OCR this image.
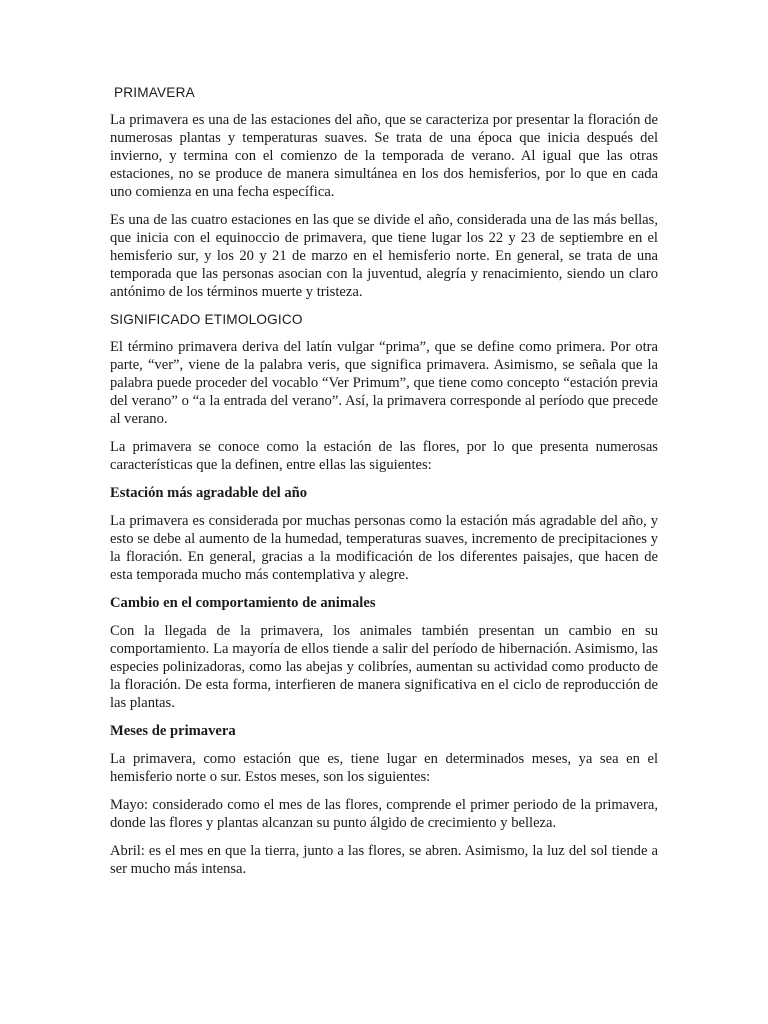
PRIMAVERA

La primavera es una de las estaciones del año, que se caracteriza por presentar la floración de numerosas plantas y temperaturas suaves. Se trata de una época que inicia después del invierno, y termina con el comienzo de la temporada de verano. Al igual que las otras estaciones, no se produce de manera simultánea en los dos hemisferios, por lo que en cada uno comienza en una fecha específica.

Es una de las cuatro estaciones en las que se divide el año, considerada una de las más bellas, que inicia con el equinoccio de primavera, que tiene lugar los 22 y 23 de septiembre en el hemisferio sur, y los 20 y 21 de marzo en el hemisferio norte. En general, se trata de una temporada que las personas asocian con la juventud, alegría y renacimiento, siendo un claro antónimo de los términos muerte y tristeza.

SIGNIFICADO ETIMOLOGICO

El término primavera deriva del latín vulgar “prima”, que se define como primera. Por otra parte, “ver”, viene de la palabra veris, que significa primavera. Asimismo, se señala que la palabra puede proceder del vocablo “Ver Primum”, que tiene como concepto “estación previa del verano” o “a la entrada del verano”. Así, la primavera corresponde al período que precede al verano.

La primavera se conoce como la estación de las flores, por lo que presenta numerosas características que la definen, entre ellas las siguientes:

Estación más agradable del año

La primavera es considerada por muchas personas como la estación más agradable del año, y esto se debe al aumento de la humedad, temperaturas suaves, incremento de precipitaciones y la floración. En general, gracias a la modificación de los diferentes paisajes, que hacen de esta temporada mucho más contemplativa y alegre.

Cambio en el comportamiento de animales

Con la llegada de la primavera, los animales también presentan un cambio en su comportamiento. La mayoría de ellos tiende a salir del período de hibernación. Asimismo, las especies polinizadoras, como las abejas y colibríes, aumentan su actividad como producto de la floración. De esta forma, interfieren de manera significativa en el ciclo de reproducción de las plantas.

Meses de primavera

La primavera, como estación que es, tiene lugar en determinados meses, ya sea en el hemisferio norte o sur. Estos meses, son los siguientes:

Mayo: considerado como el mes de las flores, comprende el primer periodo de la primavera, donde las flores y plantas alcanzan su punto álgido de crecimiento y belleza.

Abril: es el mes en que la tierra, junto a las flores, se abren. Asimismo, la luz del sol tiende a ser mucho más intensa.
